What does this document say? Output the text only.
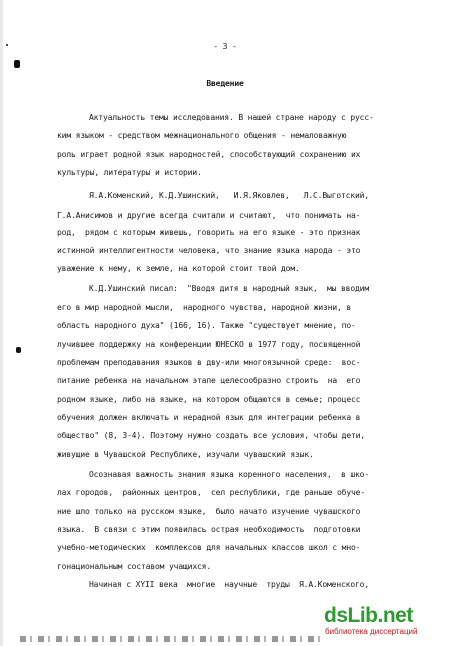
- 3 -
Введение
Актуальность темы исследования. В нашей стране народу с русс-
ким языком - средством межнационального общения - немаловажную
роль играет родной язык народностей, способствующий сохранению их
культуры, литературы и истории.
Я.А.Коменский, К.Д.Ушинский,   И.Я.Яковлев,   Л.С.Выготский,
Г.А.Анисимов и другие всегда считали и считают,  что понимать на-
род,  рядом с которым живешь, говорить на его языке - это признак
истинной интеллигентности человека, что знание языка народа - это
уважение к нему, к земле, на которой стоит твой дом.
К.Д.Ушинский писал:  "Вводя дитя в народный язык,  мы вводим
его в мир народной мысли,  народного чувства, народной жизни, в
область народного духа" (166, 16). Также "существует мнение, по-
лучившее поддержку на конференции ЮНЕСКО в 1977 году, посвященной
проблемам преподавания языков в дву-или многоязычной среде:  вос-
питание ребенка на начальном этапе целесообразно строить  на  его
родном языке, либо на языке, на котором общаются в семье; процесс
обучения должен включать и нерадной язык для интеграции ребенка в
общество" (8, 3-4). Поэтому нужно создать все условия, чтобы дети,
живущие в Чувашской Республике, изучали чувашский язык.
Осознавая важность знания языка коренного населения,  в шко-
лах городов,  районных центров,  сел республики, где раньше обуче-
ние шло только на русском языке,  было начато изучение чувашского
языка.  В связи с этим появилась острая необходимость  подготовки
учебно-методических  комплексов для начальных классов школ с мно-
гонациональным составом учащихся.
Начиная с XYII века  многие  научные  труды  Я.А.Коменского,
dsLib.net
библиотека диссертаций
